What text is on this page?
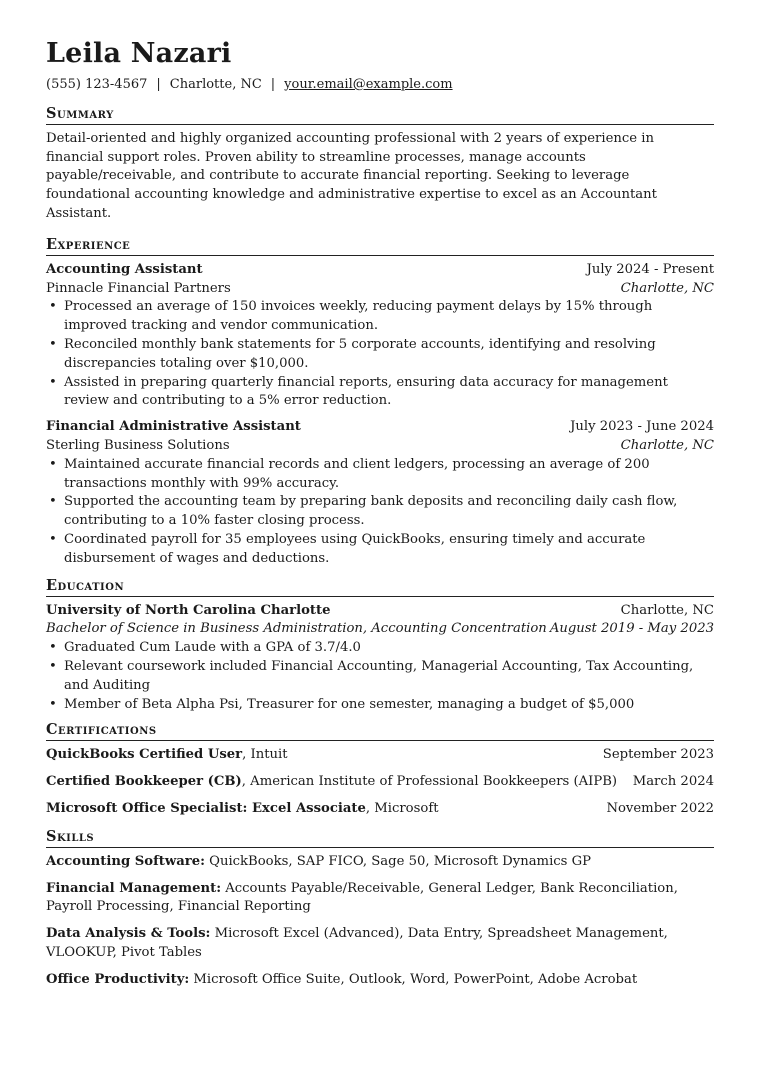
Leila Nazari
(555) 123-4567 | Charlotte, NC | your.email@example.com
Summary
Detail-oriented and highly organized accounting professional with 2 years of experience in financial support roles. Proven ability to streamline processes, manage accounts payable/receivable, and contribute to accurate financial reporting. Seeking to leverage foundational accounting knowledge and administrative expertise to excel as an Accountant Assistant.
Experience
Accounting Assistant	July 2024 - Present
Pinnacle Financial Partners	Charlotte, NC
• Processed an average of 150 invoices weekly, reducing payment delays by 15% through improved tracking and vendor communication.
• Reconciled monthly bank statements for 5 corporate accounts, identifying and resolving discrepancies totaling over $10,000.
• Assisted in preparing quarterly financial reports, ensuring data accuracy for management review and contributing to a 5% error reduction.
Financial Administrative Assistant	July 2023 - June 2024
Sterling Business Solutions	Charlotte, NC
• Maintained accurate financial records and client ledgers, processing an average of 200 transactions monthly with 99% accuracy.
• Supported the accounting team by preparing bank deposits and reconciling daily cash flow, contributing to a 10% faster closing process.
• Coordinated payroll for 35 employees using QuickBooks, ensuring timely and accurate disbursement of wages and deductions.
Education
University of North Carolina Charlotte	Charlotte, NC
Bachelor of Science in Business Administration, Accounting Concentration August 2019 - May 2023
• Graduated Cum Laude with a GPA of 3.7/4.0
• Relevant coursework included Financial Accounting, Managerial Accounting, Tax Accounting, and Auditing
• Member of Beta Alpha Psi, Treasurer for one semester, managing a budget of $5,000
Certifications
QuickBooks Certified User, Intuit	September 2023
Certified Bookkeeper (CB), American Institute of Professional Bookkeepers (AIPB) March 2024
Microsoft Office Specialist: Excel Associate, Microsoft	November 2022
Skills
Accounting Software: QuickBooks, SAP FICO, Sage 50, Microsoft Dynamics GP
Financial Management: Accounts Payable/Receivable, General Ledger, Bank Reconciliation, Payroll Processing, Financial Reporting
Data Analysis & Tools: Microsoft Excel (Advanced), Data Entry, Spreadsheet Management, VLOOKUP, Pivot Tables
Office Productivity: Microsoft Office Suite, Outlook, Word, PowerPoint, Adobe Acrobat
